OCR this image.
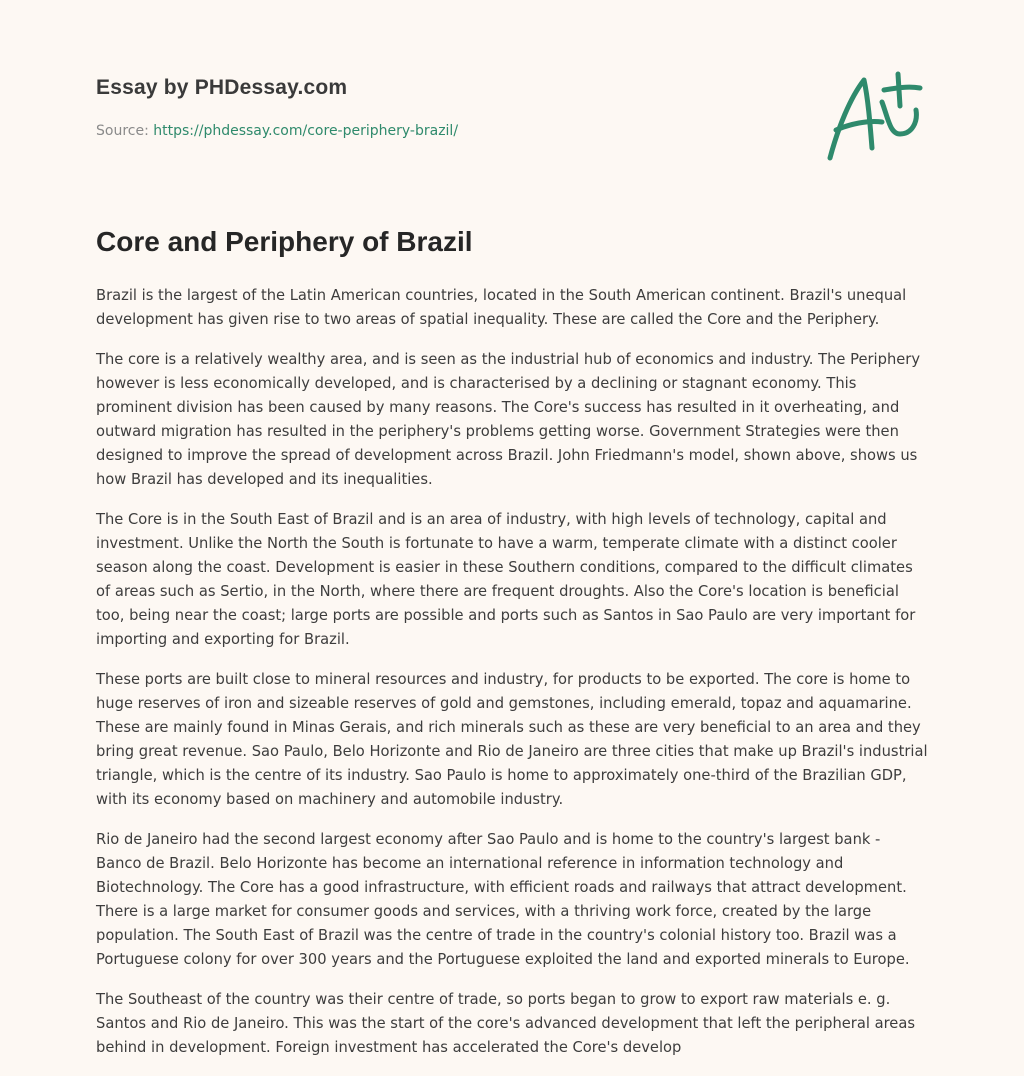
Essay by PHDessay.com
Source: https://phdessay.com/core-periphery-brazil/
Core and Periphery of Brazil

Brazil is the largest of the Latin American countries, located in the South American continent. Brazil's unequal development has given rise to two areas of spatial inequality. These are called the Core and the Periphery.

The core is a relatively wealthy area, and is seen as the industrial hub of economics and industry. The Periphery however is less economically developed, and is characterised by a declining or stagnant economy. This prominent division has been caused by many reasons. The Core's success has resulted in it overheating, and outward migration has resulted in the periphery's problems getting worse. Government Strategies were then designed to improve the spread of development across Brazil. John Friedmann's model, shown above, shows us how Brazil has developed and its inequalities.

The Core is in the South East of Brazil and is an area of industry, with high levels of technology, capital and investment. Unlike the North the South is fortunate to have a warm, temperate climate with a distinct cooler season along the coast. Development is easier in these Southern conditions, compared to the difficult climates of areas such as Sertio, in the North, where there are frequent droughts. Also the Core's location is beneficial too, being near the coast; large ports are possible and ports such as Santos in Sao Paulo are very important for importing and exporting for Brazil.

These ports are built close to mineral resources and industry, for products to be exported. The core is home to huge reserves of iron and sizeable reserves of gold and gemstones, including emerald, topaz and aquamarine. These are mainly found in Minas Gerais, and rich minerals such as these are very beneficial to an area and they bring great revenue. Sao Paulo, Belo Horizonte and Rio de Janeiro are three cities that make up Brazil's industrial triangle, which is the centre of its industry. Sao Paulo is home to approximately one-third of the Brazilian GDP, with its economy based on machinery and automobile industry.

Rio de Janeiro had the second largest economy after Sao Paulo and is home to the country's largest bank - Banco de Brazil. Belo Horizonte has become an international reference in information technology and Biotechnology. The Core has a good infrastructure, with efficient roads and railways that attract development. There is a large market for consumer goods and services, with a thriving work force, created by the large population. The South East of Brazil was the centre of trade in the country's colonial history too. Brazil was a Portuguese colony for over 300 years and the Portuguese exploited the land and exported minerals to Europe.

The Southeast of the country was their centre of trade, so ports began to grow to export raw materials e. g. Santos and Rio de Janeiro. This was the start of the core's advanced development that left the peripheral areas behind in development. Foreign investment has accelerated the Core's develop
